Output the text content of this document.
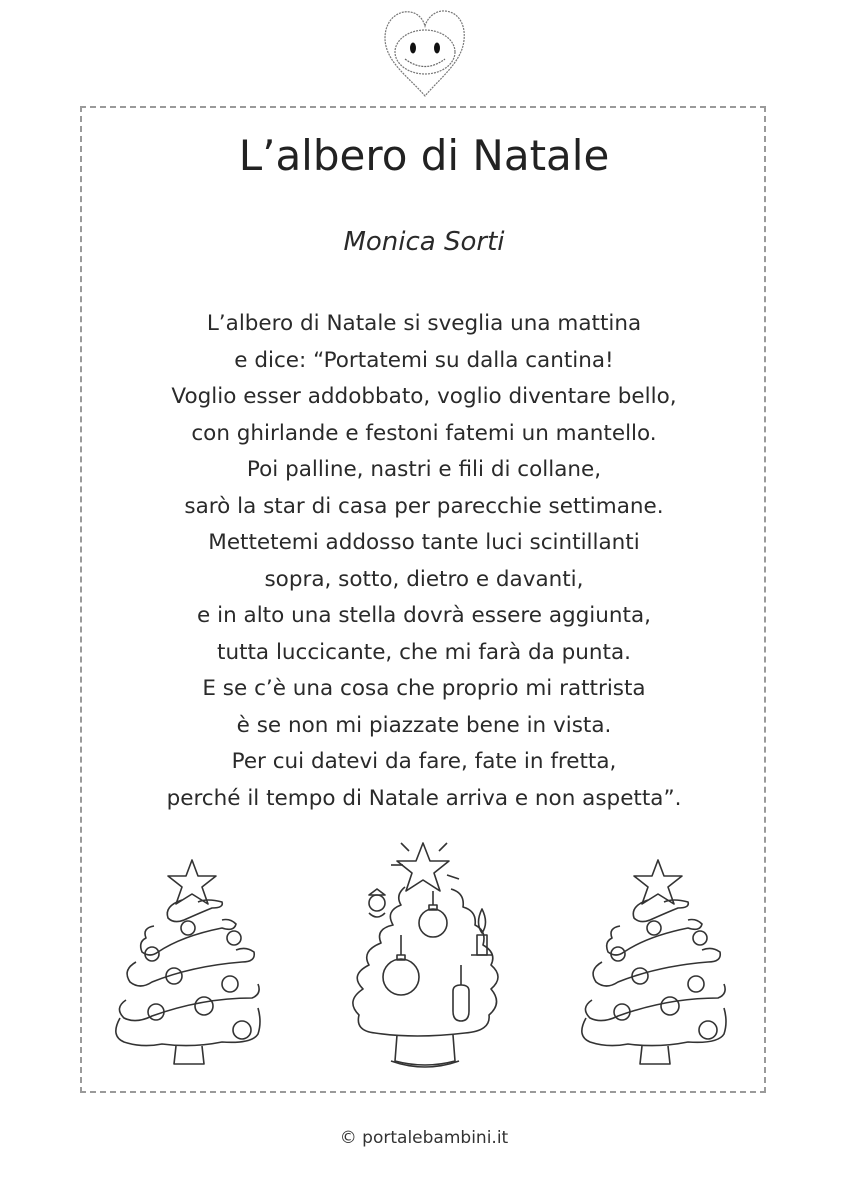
L’albero di Natale
Monica Sorti
L’albero di Natale si sveglia una mattina
e dice: “Portatemi su dalla cantina!
Voglio esser addobbato, voglio diventare bello,
con ghirlande e festoni fatemi un mantello.
Poi palline, nastri e fili di collane,
sarò la star di casa per parecchie settimane.
Mettetemi addosso tante luci scintillanti
sopra, sotto, dietro e davanti,
e in alto una stella dovrà essere aggiunta,
tutta luccicante, che mi farà da punta.
E se c’è una cosa che proprio mi rattrista
è se non mi piazzate bene in vista.
Per cui datevi da fare, fate in fretta,
perché il tempo di Natale arriva e non aspetta”.
© portalebambini.it
